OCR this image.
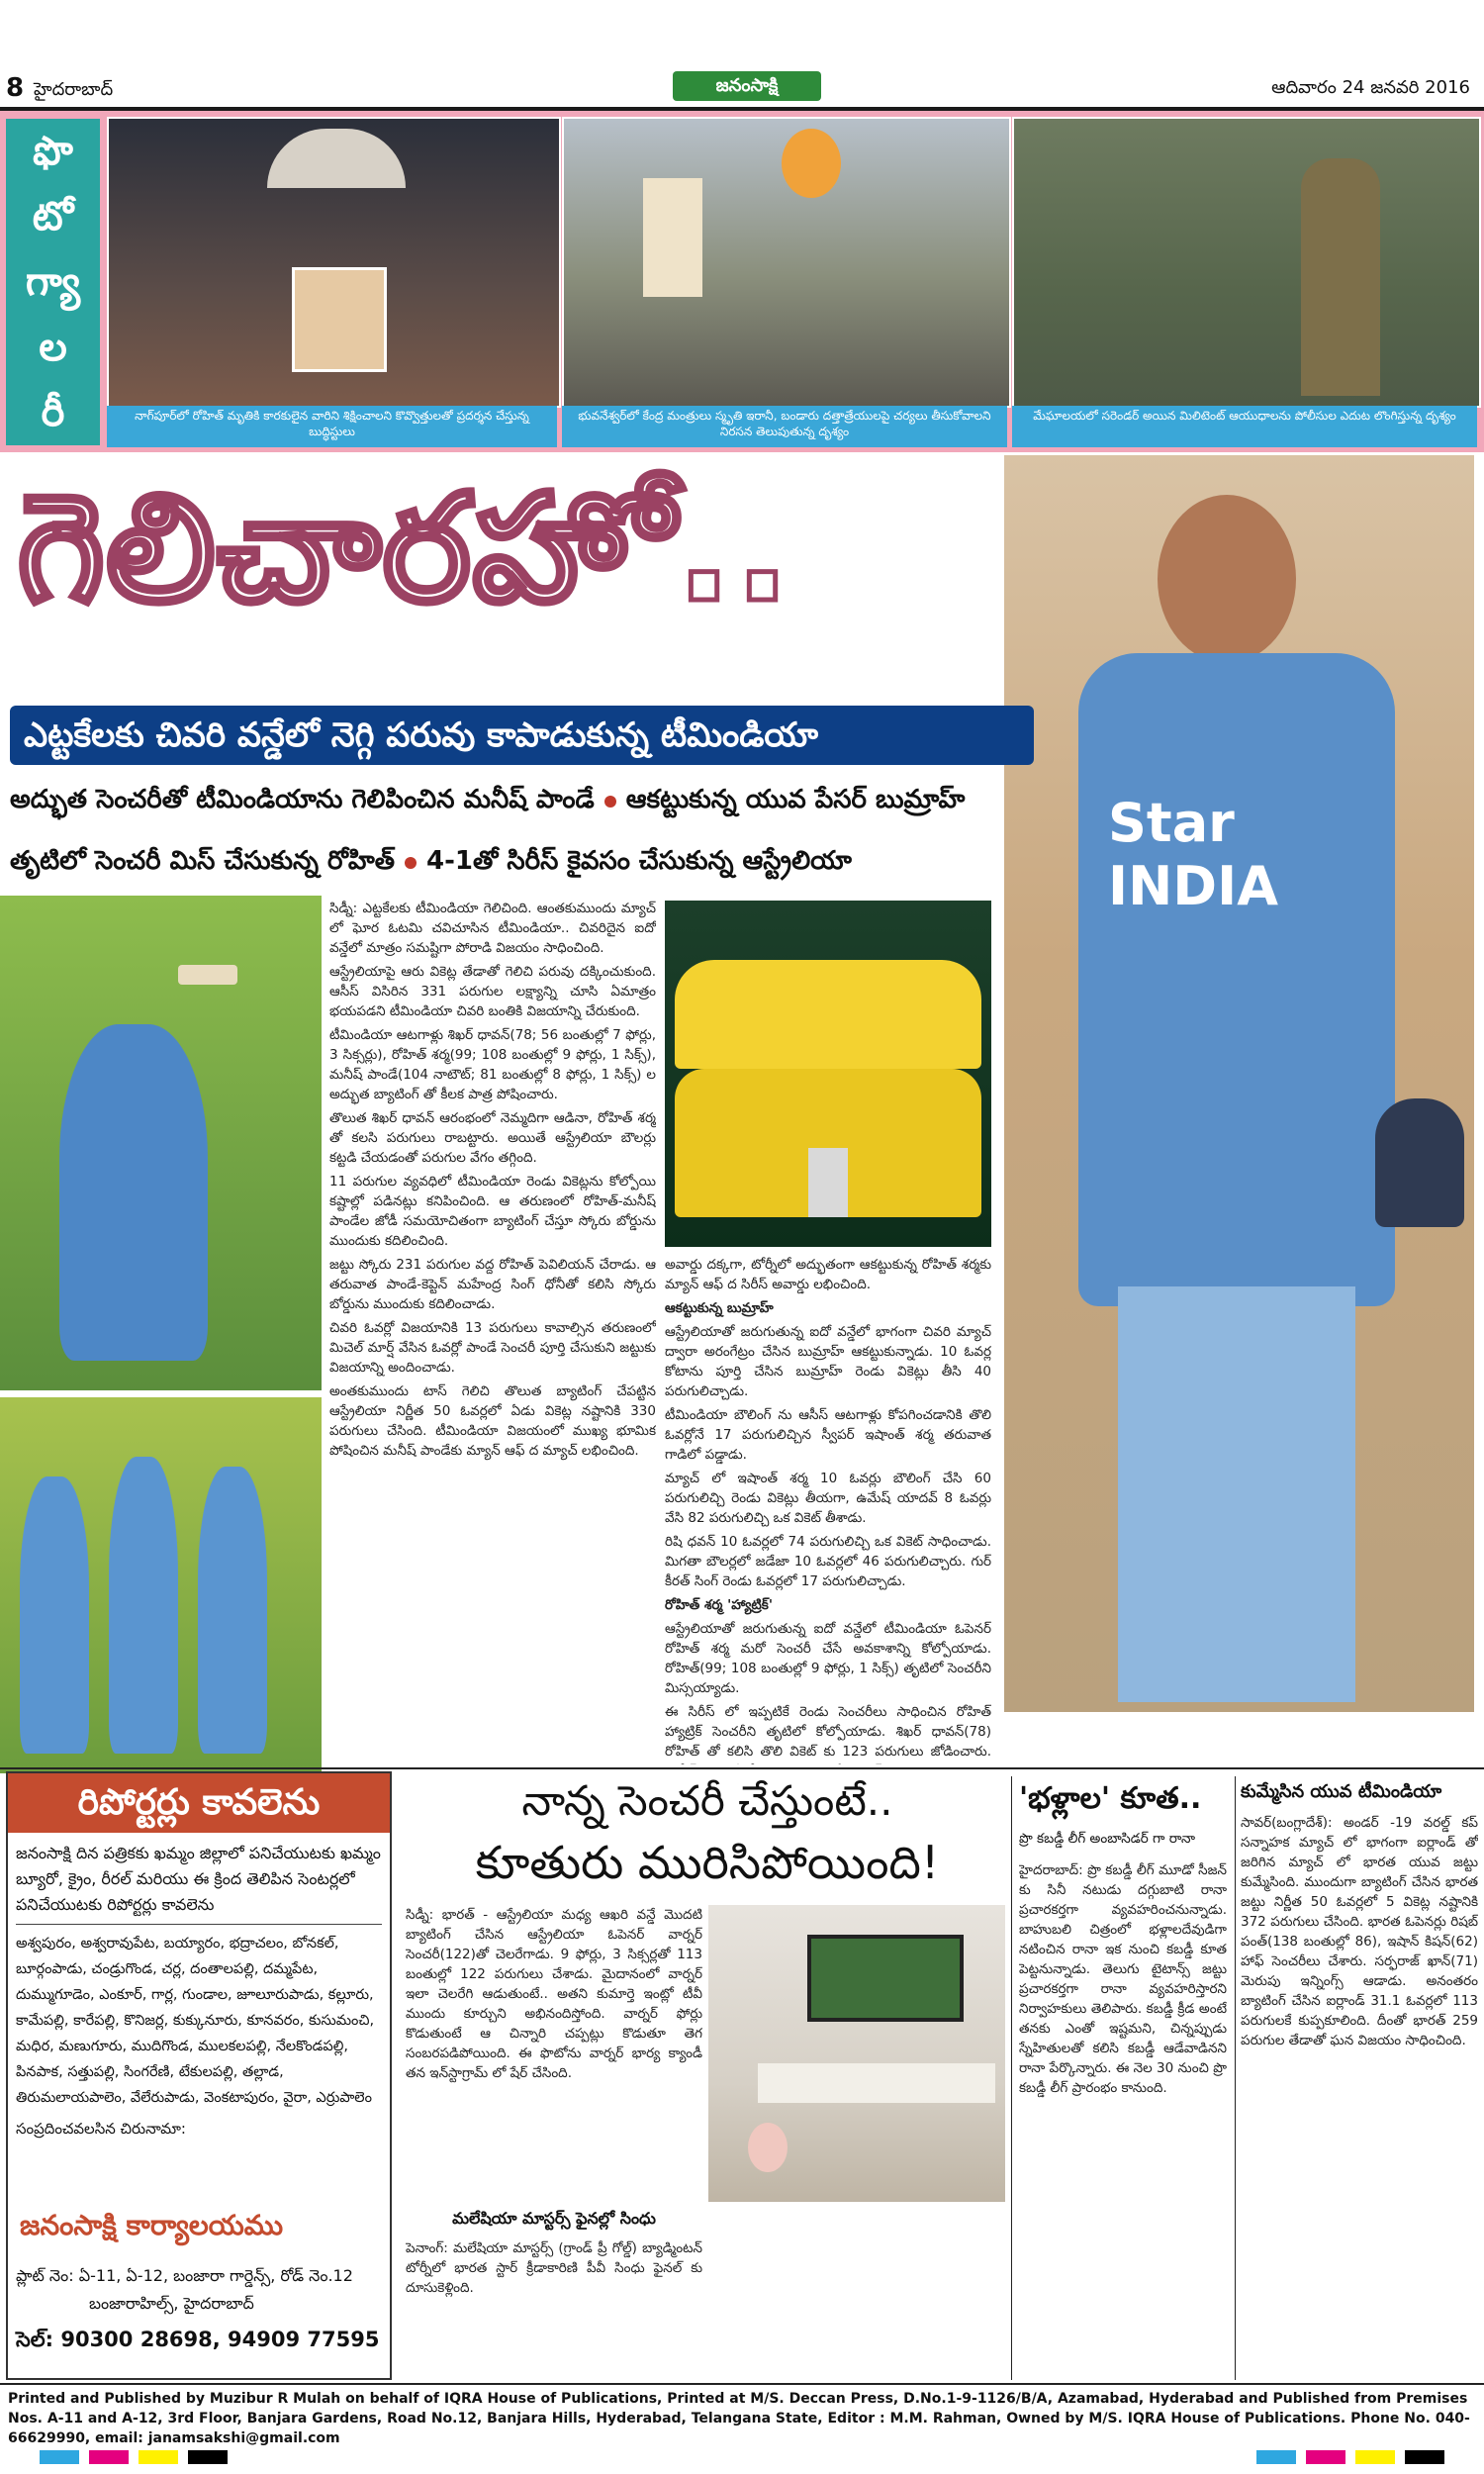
8 హైదరాబాద్	జనంసాక్షి	ఆదివారం 24 జనవరి 2016
ఫొ
టో
గ్యా
ల
రీ	నాగ్‌పూర్‌లో రోహిత్ మృతికి కారకులైన వారిని శిక్షించాలని కొవ్వొత్తులతో ప్రదర్శన చేస్తున్న బుద్ధిస్టులు
భువనేశ్వర్‌లో కేంద్ర మంత్రులు స్మృతి ఇరానీ, బండారు దత్తాత్రేయులపై చర్యలు తీసుకోవాలని నిరసన తెలుపుతున్న దృశ్యం
మేఘాలయలో సరెండర్ అయిన మిలిటెంట్ ఆయుధాలను పోలీసుల ఎదుట లొంగిస్తున్న దృశ్యం
గెలిచారహో..
Star
INDIA
ఎట్టకేలకు చివరి వన్డేలో నెగ్గి పరువు కాపాడుకున్న టీమిండియా
అద్భుత సెంచరీతో టీమిండియాను గెలిపించిన మనీష్ పాండే ఆకట్టుకున్న యువ పేసర్ బుమ్రాహ్
తృటిలో సెంచరీ మిస్ చేసుకున్న రోహిత్ 4-1తో సిరీస్ కైవసం చేసుకున్న ఆస్ట్రేలియా

సిడ్నీ: ఎట్టకేలకు టీమిండియా గెలిచింది. ఆంతకుముందు మ్యాచ్ లో ఘోర ఓటమి చవిచూసిన టీమిండియా.. చివరిదైన ఐదో వన్డేలో మాత్రం సమష్టిగా పోరాడి విజయం సాధించింది.

ఆస్ట్రేలియాపై ఆరు వికెట్ల తేడాతో గెలిచి పరువు దక్కించుకుంది. ఆసీస్ విసిరిన 331 పరుగుల లక్ష్యాన్ని చూసి ఏమాత్రం భయపడని టీమిండియా చివరి బంతికి విజయాన్ని చేరుకుంది.

టీమిండియా ఆటగాళ్లు శిఖర్ ధావన్(78; 56 బంతుల్లో 7 ఫోర్లు, 3 సిక్సర్లు), రోహిత్ శర్మ(99; 108 బంతుల్లో 9 ఫోర్లు, 1 సిక్స్), మనీష్ పాండే(104 నాటౌట్; 81 బంతుల్లో 8 ఫోర్లు, 1 సిక్స్) ల అద్భుత బ్యాటింగ్ తో కీలక పాత్ర పోషించారు.

తొలుత శిఖర్ ధావన్ ఆరంభంలో నెమ్మదిగా ఆడినా, రోహిత్ శర్మ తో కలసి పరుగులు రాబట్టారు. అయితే ఆస్ట్రేలియా బౌలర్లు కట్టడి చేయడంతో పరుగుల వేగం తగ్గింది.

11 పరుగుల వ్యవధిలో టీమిండియా రెండు వికెట్లను కోల్పోయి కష్టాల్లో పడినట్లు కనిపించింది. ఆ తరుణంలో రోహిత్-మనీష్ పాండేల జోడీ సమయోచితంగా బ్యాటింగ్ చేస్తూ స్కోరు బోర్డును ముందుకు కదిలించింది.

జట్టు స్కోరు 231 పరుగుల వద్ద రోహిత్ పెవిలియన్ చేరాడు. ఆ తరువాత పాండే-కెప్టెన్ మహేంద్ర సింగ్ ధోనీతో కలిసి స్కోరు బోర్డును ముందుకు కదిలించాడు.

చివరి ఓవర్లో విజయానికి 13 పరుగులు కావాల్సిన తరుణంలో మిచెల్ మార్ష్ వేసిన ఓవర్లో పాండే సెంచరీ పూర్తి చేసుకుని జట్టుకు విజయాన్ని అందించాడు.

అంతకుముందు టాస్ గెలిచి తొలుత బ్యాటింగ్ చేపట్టిన ఆస్ట్రేలియా నిర్ణీత 50 ఓవర్లలో ఏడు వికెట్ల నష్టానికి 330 పరుగులు చేసింది. టీమిండియా విజయంలో ముఖ్య భూమిక పోషించిన మనీష్ పాండేకు మ్యాన్ ఆఫ్ ద మ్యాచ్ లభించింది.

అవార్డు దక్కగా, టోర్నీలో అద్భుతంగా ఆకట్టుకున్న రోహిత్ శర్మకు మ్యాన్ ఆఫ్ ద సిరీస్ అవార్డు లభించింది.

ఆకట్టుకున్న బుమ్రాహ్

ఆస్ట్రేలియాతో జరుగుతున్న ఐదో వన్డేలో భాగంగా చివరి మ్యాచ్ ద్వారా అరంగేట్రం చేసిన బుమ్రాహ్ ఆకట్టుకున్నాడు. 10 ఓవర్ల కోటాను పూర్తి చేసిన బుమ్రాహ్ రెండు వికెట్లు తీసి 40 పరుగులిచ్చాడు.

టీమిండియా బౌలింగ్ ను ఆసీస్ ఆటగాళ్లు కోపగించడానికి తొలి ఓవర్లోనే 17 పరుగులిచ్చిన స్వీపర్ ఇషాంత్ శర్మ తరువాత గాడిలో పడ్డాడు.

మ్యాచ్ లో ఇషాంత్ శర్మ 10 ఓవర్లు బౌలింగ్ చేసి 60 పరుగులిచ్చి రెండు వికెట్లు తీయగా, ఉమేష్ యాదవ్ 8 ఓవర్లు వేసి 82 పరుగులిచ్చి ఒక వికెట్ తీశాడు.

రిషి ధవన్ 10 ఓవర్లలో 74 పరుగులిచ్చి ఒక వికెట్ సాధించాడు. మిగతా బౌలర్లలో జడేజా 10 ఓవర్లలో 46 పరుగులిచ్చారు. గుర్ కీరత్ సింగ్ రెండు ఓవర్లలో 17 పరుగులిచ్చాడు.

రోహిత్ శర్మ 'హ్యాట్రిక్'

ఆస్ట్రేలియాతో జరుగుతున్న ఐదో వన్డేలో టీమిండియా ఓపెనర్ రోహిత్ శర్మ మరో సెంచరీ చేసే అవకాశాన్ని కోల్పోయాడు. రోహిత్(99; 108 బంతుల్లో 9 ఫోర్లు, 1 సిక్స్) తృటిలో సెంచరీని మిస్సయ్యాడు.

ఈ సిరీస్ లో ఇప్పటికే రెండు సెంచరీలు సాధించిన రోహిత్ హ్యాట్రిక్ సెంచరీని తృటిలో కోల్పోయాడు. శిఖర్ ధావన్(78) రోహిత్ తో కలిసి తొలి వికెట్ కు 123 పరుగులు జోడించారు.

రిపోర్టర్లు కావలెను
జనంసాక్షి దిన పత్రికకు ఖమ్మం జిల్లాలో పనిచేయుటకు ఖమ్మం బ్యూరో, క్రైం, రీరల్ మరియు ఈ క్రింద తెలిపిన సెంటర్లలో పనిచేయుటకు రిపోర్టర్లు కావలెను
అశ్వపురం, అశ్వరావుపేట, బయ్యారం, భద్రాచలం, బోనకల్, బూర్గంపాడు, చండ్రుగొండ, చర్ల, దంతాలపల్లి, దమ్మపేట, దుమ్ముగూడెం, ఎంకూర్, గార్ల, గుండాల, జూలూరుపాడు, కల్లూరు, కామేపల్లి, కారేపల్లి, కొనిజర్ల, కుక్కునూరు, కూనవరం, కుసుమంచి, మధిర, మణుగూరు, ముదిగొండ, ములకలపల్లి, నేలకొండపల్లి, పినపాక, సత్తుపల్లి, సింగరేణి, టేకులపల్లి, తల్లాడ, తిరుమలాయపాలెం, వేలేరుపాడు, వెంకటాపురం, వైరా, ఎర్రుపాలెం
సంప్రదించవలసిన చిరునామా:
జనంసాక్షి కార్యాలయము
ప్లాట్ నెం: ఏ-11, ఏ-12, బంజారా గార్డెన్స్, రోడ్ నెం.12
బంజారాహిల్స్, హైదరాబాద్
సెల్: 90300 28698, 94909 77595
నాన్న సెంచరీ చేస్తుంటే..
కూతురు మురిసిపోయింది!
సిడ్నీ: భారత్ - ఆస్ట్రేలియా మధ్య ఆఖరి వన్డే మొదటి బ్యాటింగ్ చేసిన ఆస్ట్రేలియా ఓపెనర్ వార్నర్ సెంచరీ(122)తో చెలరేగాడు. 9 ఫోర్లు, 3 సిక్సర్లతో 113 బంతుల్లో 122 పరుగులు చేశాడు. మైదానంలో వార్నర్ ఇలా చెలరేగి ఆడుతుంటే.. అతని కుమార్తె ఇంట్లో టీవీ ముందు కూర్చుని అభినందిస్తోంది. వార్నర్ ఫోర్లు కొడుతుంటే ఆ చిన్నారి చప్పట్లు కొడుతూ తెగ సంబరపడిపోయింది. ఈ ఫొటోను వార్నర్ భార్య క్యాండీ తన ఇన్‌స్టాగ్రామ్ లో షేర్ చేసింది.
మలేషియా మాస్టర్స్ ఫైనల్లో సింధు
పెనాంగ్: మలేషియా మాస్టర్స్ (గ్రాండ్ ప్రీ గోల్డ్) బ్యాడ్మింటన్ టోర్నీలో భారత స్టార్ క్రీడాకారిణి పీవీ సింధు ఫైనల్ కు దూసుకెళ్లింది.
'భళ్లాల' కూత..
ప్రొ కబడ్డీ లీగ్ అంబాసిడర్ గా రానా
హైదరాబాద్: ప్రొ కబడ్డీ లీగ్ మూడో సీజన్ కు సినీ నటుడు దగ్గుబాటి రానా ప్రచారకర్తగా వ్యవహరించనున్నాడు. బాహుబలి చిత్రంలో భళ్లాలదేవుడిగా నటించిన రానా ఇక నుంచి కబడ్డీ కూత పెట్టనున్నాడు. తెలుగు టైటాన్స్ జట్టు ప్రచారకర్తగా రానా వ్యవహరిస్తారని నిర్వాహకులు తెలిపారు. కబడ్డీ క్రీడ అంటే తనకు ఎంతో ఇష్టమని, చిన్నప్పుడు స్నేహితులతో కలిసి కబడ్డీ ఆడేవాడినని రానా పేర్కొన్నారు. ఈ నెల 30 నుంచి ప్రొ కబడ్డీ లీగ్ ప్రారంభం కానుంది.
కుమ్మేసిన యువ టీమిండియా
సావర్(బంగ్లాదేశ్): అండర్ -19 వరల్డ్ కప్ సన్నాహక మ్యాచ్ లో భాగంగా ఐర్లాండ్ తో జరిగిన మ్యాచ్ లో భారత యువ జట్టు కుమ్మేసింది. ముందుగా బ్యాటింగ్ చేసిన భారత జట్టు నిర్ణీత 50 ఓవర్లలో 5 వికెట్ల నష్టానికి 372 పరుగులు చేసింది. భారత ఓపెనర్లు రిషబ్ పంత్(138 బంతుల్లో 86), ఇషాన్ కిషన్(62) హాఫ్ సెంచరీలు చేశారు. సర్ఫరాజ్ ఖాన్(71) మెరుపు ఇన్నింగ్స్ ఆడాడు. అనంతరం బ్యాటింగ్ చేసిన ఐర్లాండ్ 31.1 ఓవర్లలో 113 పరుగులకే కుప్పకూలింది. దీంతో భారత్ 259 పరుగుల తేడాతో ఘన విజయం సాధించింది.
Printed and Published by Muzibur R Mulah on behalf of IQRA House of Publications, Printed at M/S. Deccan Press, D.No.1-9-1126/B/A, Azamabad, Hyderabad and Published from Premises Nos. A-11 and A-12, 3rd Floor, Banjara Gardens, Road No.12, Banjara Hills, Hyderabad, Telangana State, Editor : M.M. Rahman, Owned by M/S. IQRA House of Publications. Phone No. 040-66629990, email: janamsakshi@gmail.com
